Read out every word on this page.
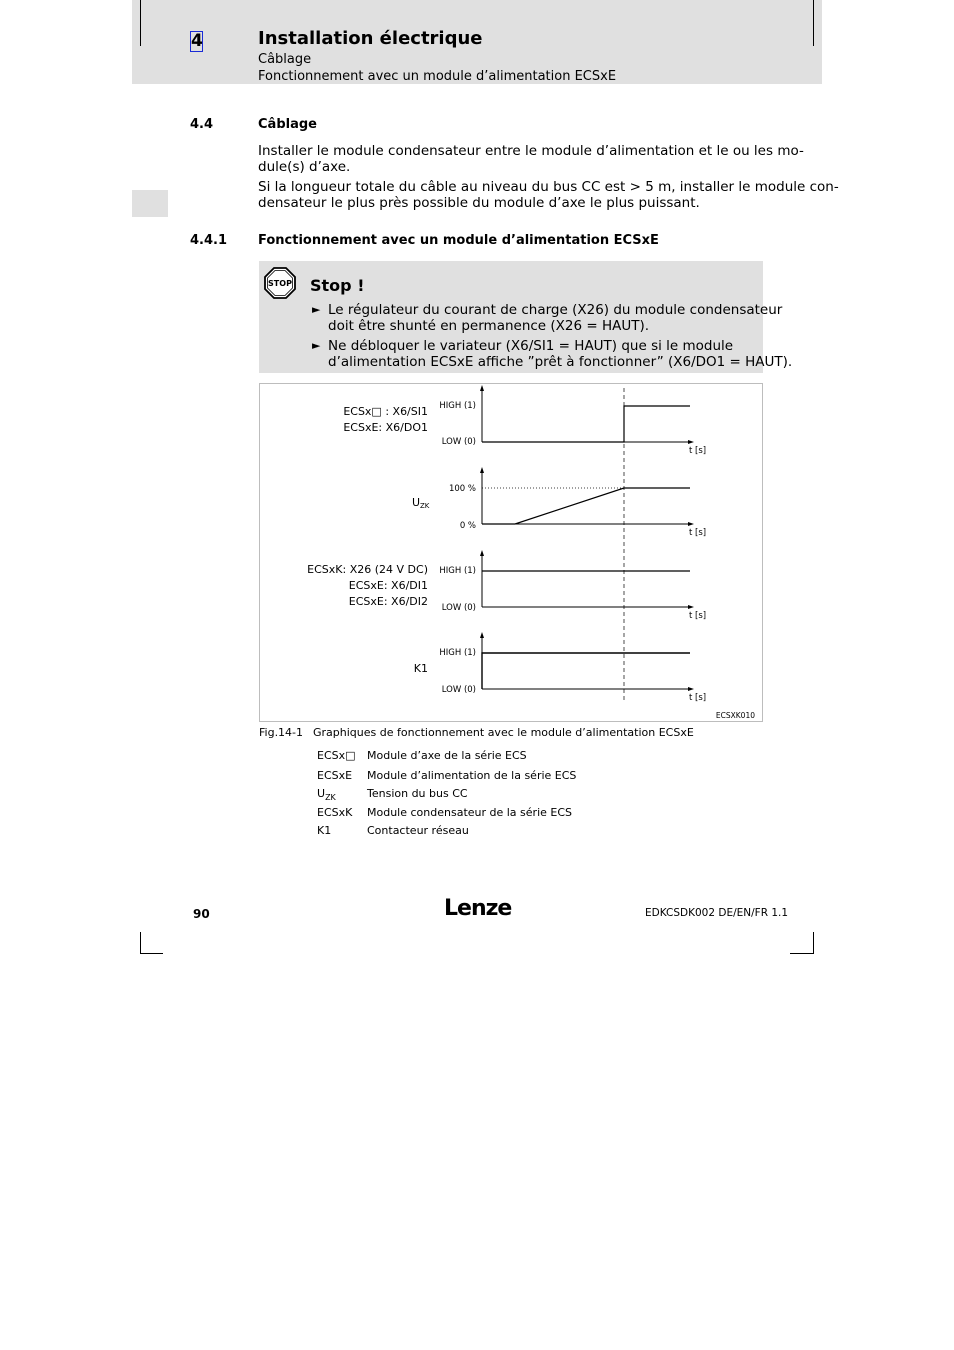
4	Installation électrique
Câblage
Fonctionnement avec un module d’alimentation ECSxE
4.4	Câblage
Installer le module condensateur entre le module d’alimentation et le ou les mo-
dule(s) d’axe.
Si la longueur totale du câble au niveau du bus CC est > 5 m, installer le module con-
densateur le plus près possible du module d’axe le plus puissant.
4.4.1 Fonctionnement avec un module d’alimentation ECSxE
STOP Stop !
► Le régulateur du courant de charge (X26) du module condensateur
doit être shunté en permanence (X26 = HAUT).
► Ne débloquer le variateur (X6/SI1 = HAUT) que si le module
d’alimentation ECSxE affiche ”prêt à fonctionner” (X6/DO1 = HAUT).
ECSx□ : X6/SI1
ECSxE: X6/DO1
U
ECSxK: X26 (24 V DC)
ECSxE: X6/DI1
ECSxE: X6/DI2
K1
ZK
HIGH (1)
LOW (0)
100 %
0 %
HIGH (1)
LOW (0)
HIGH (1)
LOW (0)
t [s]
t [s]
t [s]
t [s]
ECSXK010
Fig.14-1 Graphiques de fonctionnement avec le module d’alimentation ECSxE
ECSx□ Module d’axe de la série ECS
ECSxE Module d’alimentation de la série ECS
$U_{ZK}$	Tension du bus CC
ECSxK Module condensateur de la série ECS
K1	Contacteur réseau
90	Lenze	EDKCSDK002 DE/EN/FR 1.1
